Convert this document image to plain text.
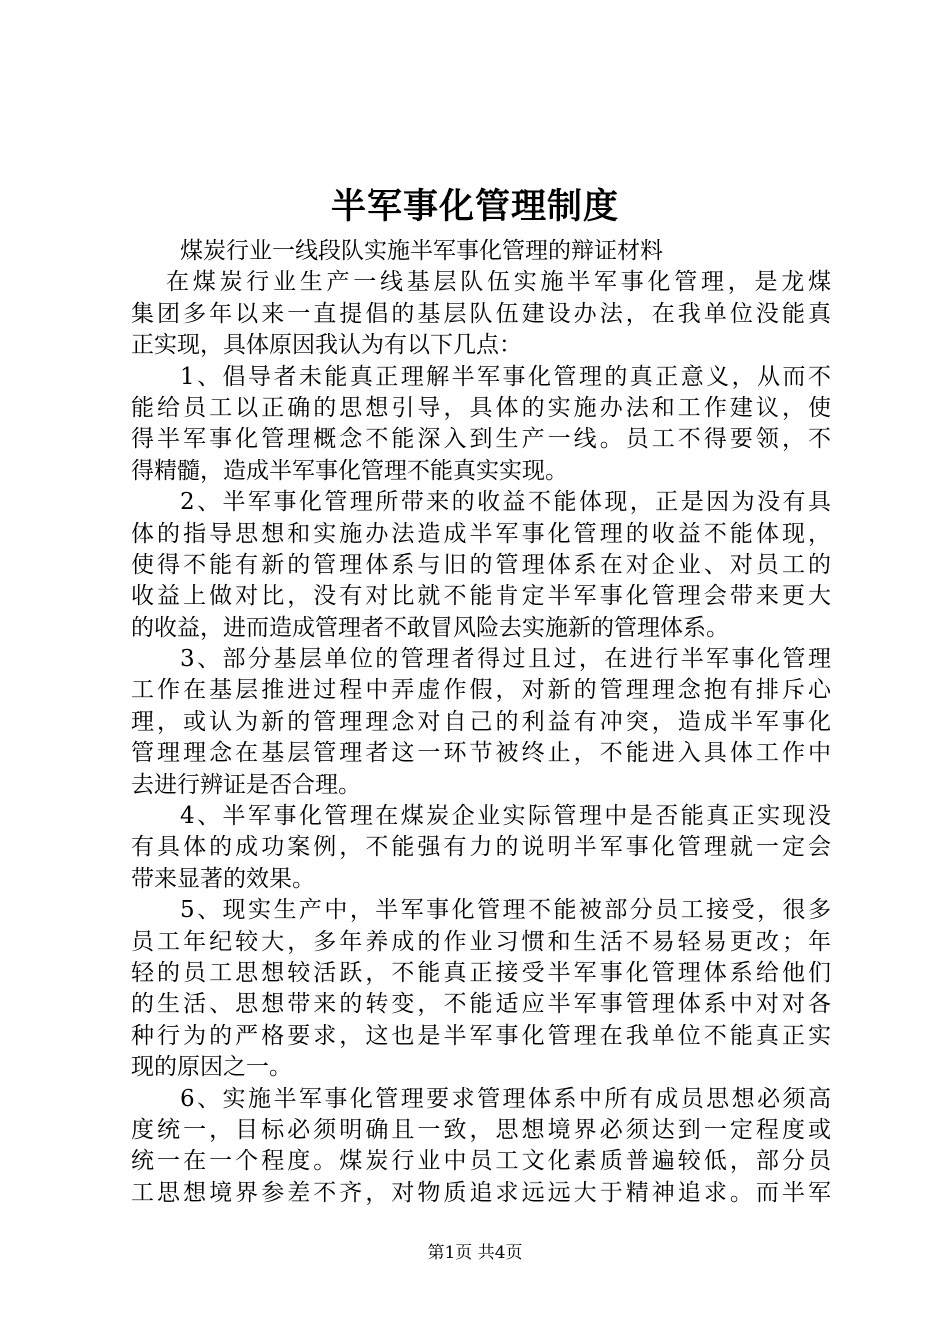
半军事化管理制度
煤炭行业一线段队实施半军事化管理的辩证材料
在煤炭行业生产一线基层队伍实施半军事化管理，是龙煤
集团多年以来一直提倡的基层队伍建设办法，在我单位没能真
正实现，具体原因我认为有以下几点：
1、倡导者未能真正理解半军事化管理的真正意义，从而不
能给员工以正确的思想引导，具体的实施办法和工作建议，使
得半军事化管理概念不能深入到生产一线。员工不得要领，不
得精髓，造成半军事化管理不能真实实现。
2、半军事化管理所带来的收益不能体现，正是因为没有具
体的指导思想和实施办法造成半军事化管理的收益不能体现，
使得不能有新的管理体系与旧的管理体系在对企业、对员工的
收益上做对比，没有对比就不能肯定半军事化管理会带来更大
的收益，进而造成管理者不敢冒风险去实施新的管理体系。
3、部分基层单位的管理者得过且过，在进行半军事化管理
工作在基层推进过程中弄虚作假，对新的管理理念抱有排斥心
理，或认为新的管理理念对自己的利益有冲突，造成半军事化
管理理念在基层管理者这一环节被终止，不能进入具体工作中
去进行辨证是否合理。
4、半军事化管理在煤炭企业实际管理中是否能真正实现没
有具体的成功案例，不能强有力的说明半军事化管理就一定会
带来显著的效果。
5、现实生产中，半军事化管理不能被部分员工接受，很多
员工年纪较大，多年养成的作业习惯和生活不易轻易更改；年
轻的员工思想较活跃，不能真正接受半军事化管理体系给他们
的生活、思想带来的转变，不能适应半军事管理体系中对对各
种行为的严格要求，这也是半军事化管理在我单位不能真正实
现的原因之一。
6、实施半军事化管理要求管理体系中所有成员思想必须高
度统一，目标必须明确且一致，思想境界必须达到一定程度或
统一在一个程度。煤炭行业中员工文化素质普遍较低，部分员
工思想境界参差不齐，对物质追求远远大于精神追求。而半军
第1页 共4页
